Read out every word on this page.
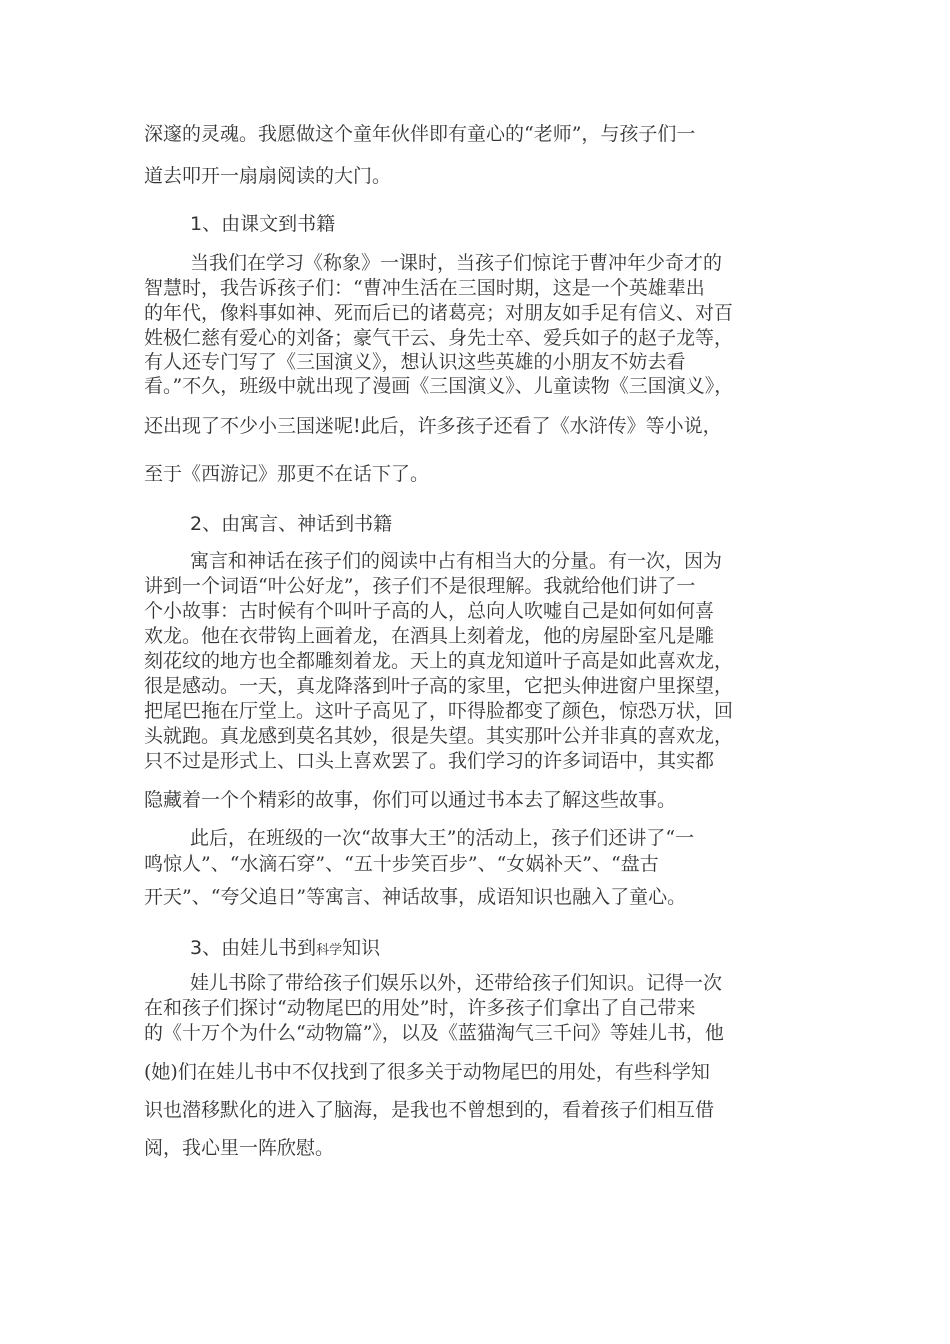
深邃的灵魂。我愿做这个童年伙伴即有童心的“老师”，与孩子们一

道去叩开一扇扇阅读的大门。

1、由课文到书籍

当我们在学习《称象》一课时，当孩子们惊诧于曹冲年少奇才的

智慧时，我告诉孩子们：“曹冲生活在三国时期，这是一个英雄辈出

的年代，像料事如神、死而后已的诸葛亮；对朋友如手足有信义、对百

姓极仁慈有爱心的刘备；豪气干云、身先士卒、爱兵如子的赵子龙等，

有人还专门写了《三国演义》，想认识这些英雄的小朋友不妨去看

看。”不久，班级中就出现了漫画《三国演义》、儿童读物《三国演义》，

还出现了不少小三国迷呢!此后，许多孩子还看了《水浒传》等小说，

至于《西游记》那更不在话下了。

2、由寓言、神话到书籍

寓言和神话在孩子们的阅读中占有相当大的分量。有一次，因为

讲到一个词语“叶公好龙”，孩子们不是很理解。我就给他们讲了一

个小故事：古时候有个叫叶子高的人，总向人吹嘘自己是如何如何喜

欢龙。他在衣带钩上画着龙，在酒具上刻着龙，他的房屋卧室凡是雕

刻花纹的地方也全都雕刻着龙。天上的真龙知道叶子高是如此喜欢龙，

很是感动。一天，真龙降落到叶子高的家里，它把头伸进窗户里探望，

把尾巴拖在厅堂上。这叶子高见了，吓得脸都变了颜色，惊恐万状，回

头就跑。真龙感到莫名其妙，很是失望。其实那叶公并非真的喜欢龙，

只不过是形式上、口头上喜欢罢了。我们学习的许多词语中，其实都

隐藏着一个个精彩的故事，你们可以通过书本去了解这些故事。

此后，在班级的一次“故事大王”的活动上，孩子们还讲了“一

鸣惊人”、“水滴石穿”、“五十步笑百步”、“女娲补天”、“盘古

开天”、“夸父追日”等寓言、神话故事，成语知识也融入了童心。

3、由娃儿书到科学知识

娃儿书除了带给孩子们娱乐以外，还带给孩子们知识。记得一次

在和孩子们探讨“动物尾巴的用处”时，许多孩子们拿出了自己带来

的《十万个为什么“动物篇”》，以及《蓝猫淘气三千问》等娃儿书，他

(她)们在娃儿书中不仅找到了很多关于动物尾巴的用处，有些科学知

识也潜移默化的进入了脑海，是我也不曾想到的，看着孩子们相互借

阅，我心里一阵欣慰。
